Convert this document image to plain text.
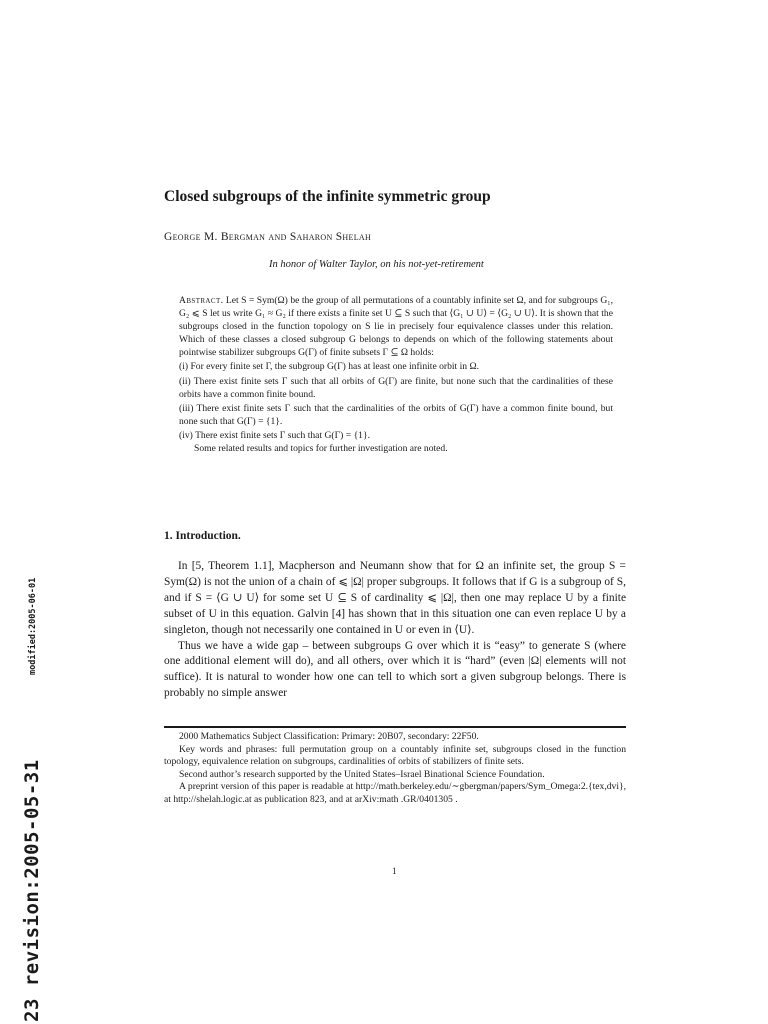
Closed subgroups of the infinite symmetric group
George M. Bergman and Saharon Shelah
In honor of Walter Taylor, on his not-yet-retirement

Abstract. Let S = Sym(Ω) be the group of all permutations of a countably infinite set Ω, and for subgroups G₁, G₂ ⩽ S let us write G₁ ≈ G₂ if there exists a finite set U ⊆ S such that ⟨G₁ ∪ U⟩ = ⟨G₂ ∪ U⟩. It is shown that the subgroups closed in the function topology on S lie in precisely four equivalence classes under this relation. Which of these classes a closed subgroup G belongs to depends on which of the following statements about pointwise stabilizer subgroups G(Γ) of finite subsets Γ ⊆ Ω holds:

(i) For every finite set Γ, the subgroup G(Γ) has at least one infinite orbit in Ω.

(ii) There exist finite sets Γ such that all orbits of G(Γ) are finite, but none such that the cardinalities of these orbits have a common finite bound.

(iii) There exist finite sets Γ such that the cardinalities of the orbits of G(Γ) have a common finite bound, but none such that G(Γ) = {1}.

(iv) There exist finite sets Γ such that G(Γ) = {1}.

Some related results and topics for further investigation are noted.

1. Introduction.

In [5, Theorem 1.1], Macpherson and Neumann show that for Ω an infinite set, the group S = Sym(Ω) is not the union of a chain of ⩽ |Ω| proper subgroups. It follows that if G is a subgroup of S, and if S = ⟨G ∪ U⟩ for some set U ⊆ S of cardinality ⩽ |Ω|, then one may replace U by a finite subset of U in this equation. Galvin [4] has shown that in this situation one can even replace U by a singleton, though not necessarily one contained in U or even in ⟨U⟩.

Thus we have a wide gap – between subgroups G over which it is “easy” to generate S (where one additional element will do), and all others, over which it is “hard” (even |Ω| elements will not suffice). It is natural to wonder how one can tell to which sort a given subgroup belongs. There is probably no simple answer

2000 Mathematics Subject Classification: Primary: 20B07, secondary: 22F50.

Key words and phrases: full permutation group on a countably infinite set, subgroups closed in the function topology, equivalence relation on subgroups, cardinalities of orbits of stabilizers of finite sets.

Second author’s research supported by the United States–Israel Binational Science Foundation.

A preprint version of this paper is readable at http://math.berkeley.edu/∼gbergman/papers/Sym_Omega:2.{tex,dvi}, at http://shelah.logic.at as publication 823, and at arXiv:math .GR/0401305 .

1
modified:2005-06-01
23 revision:2005-05-31
